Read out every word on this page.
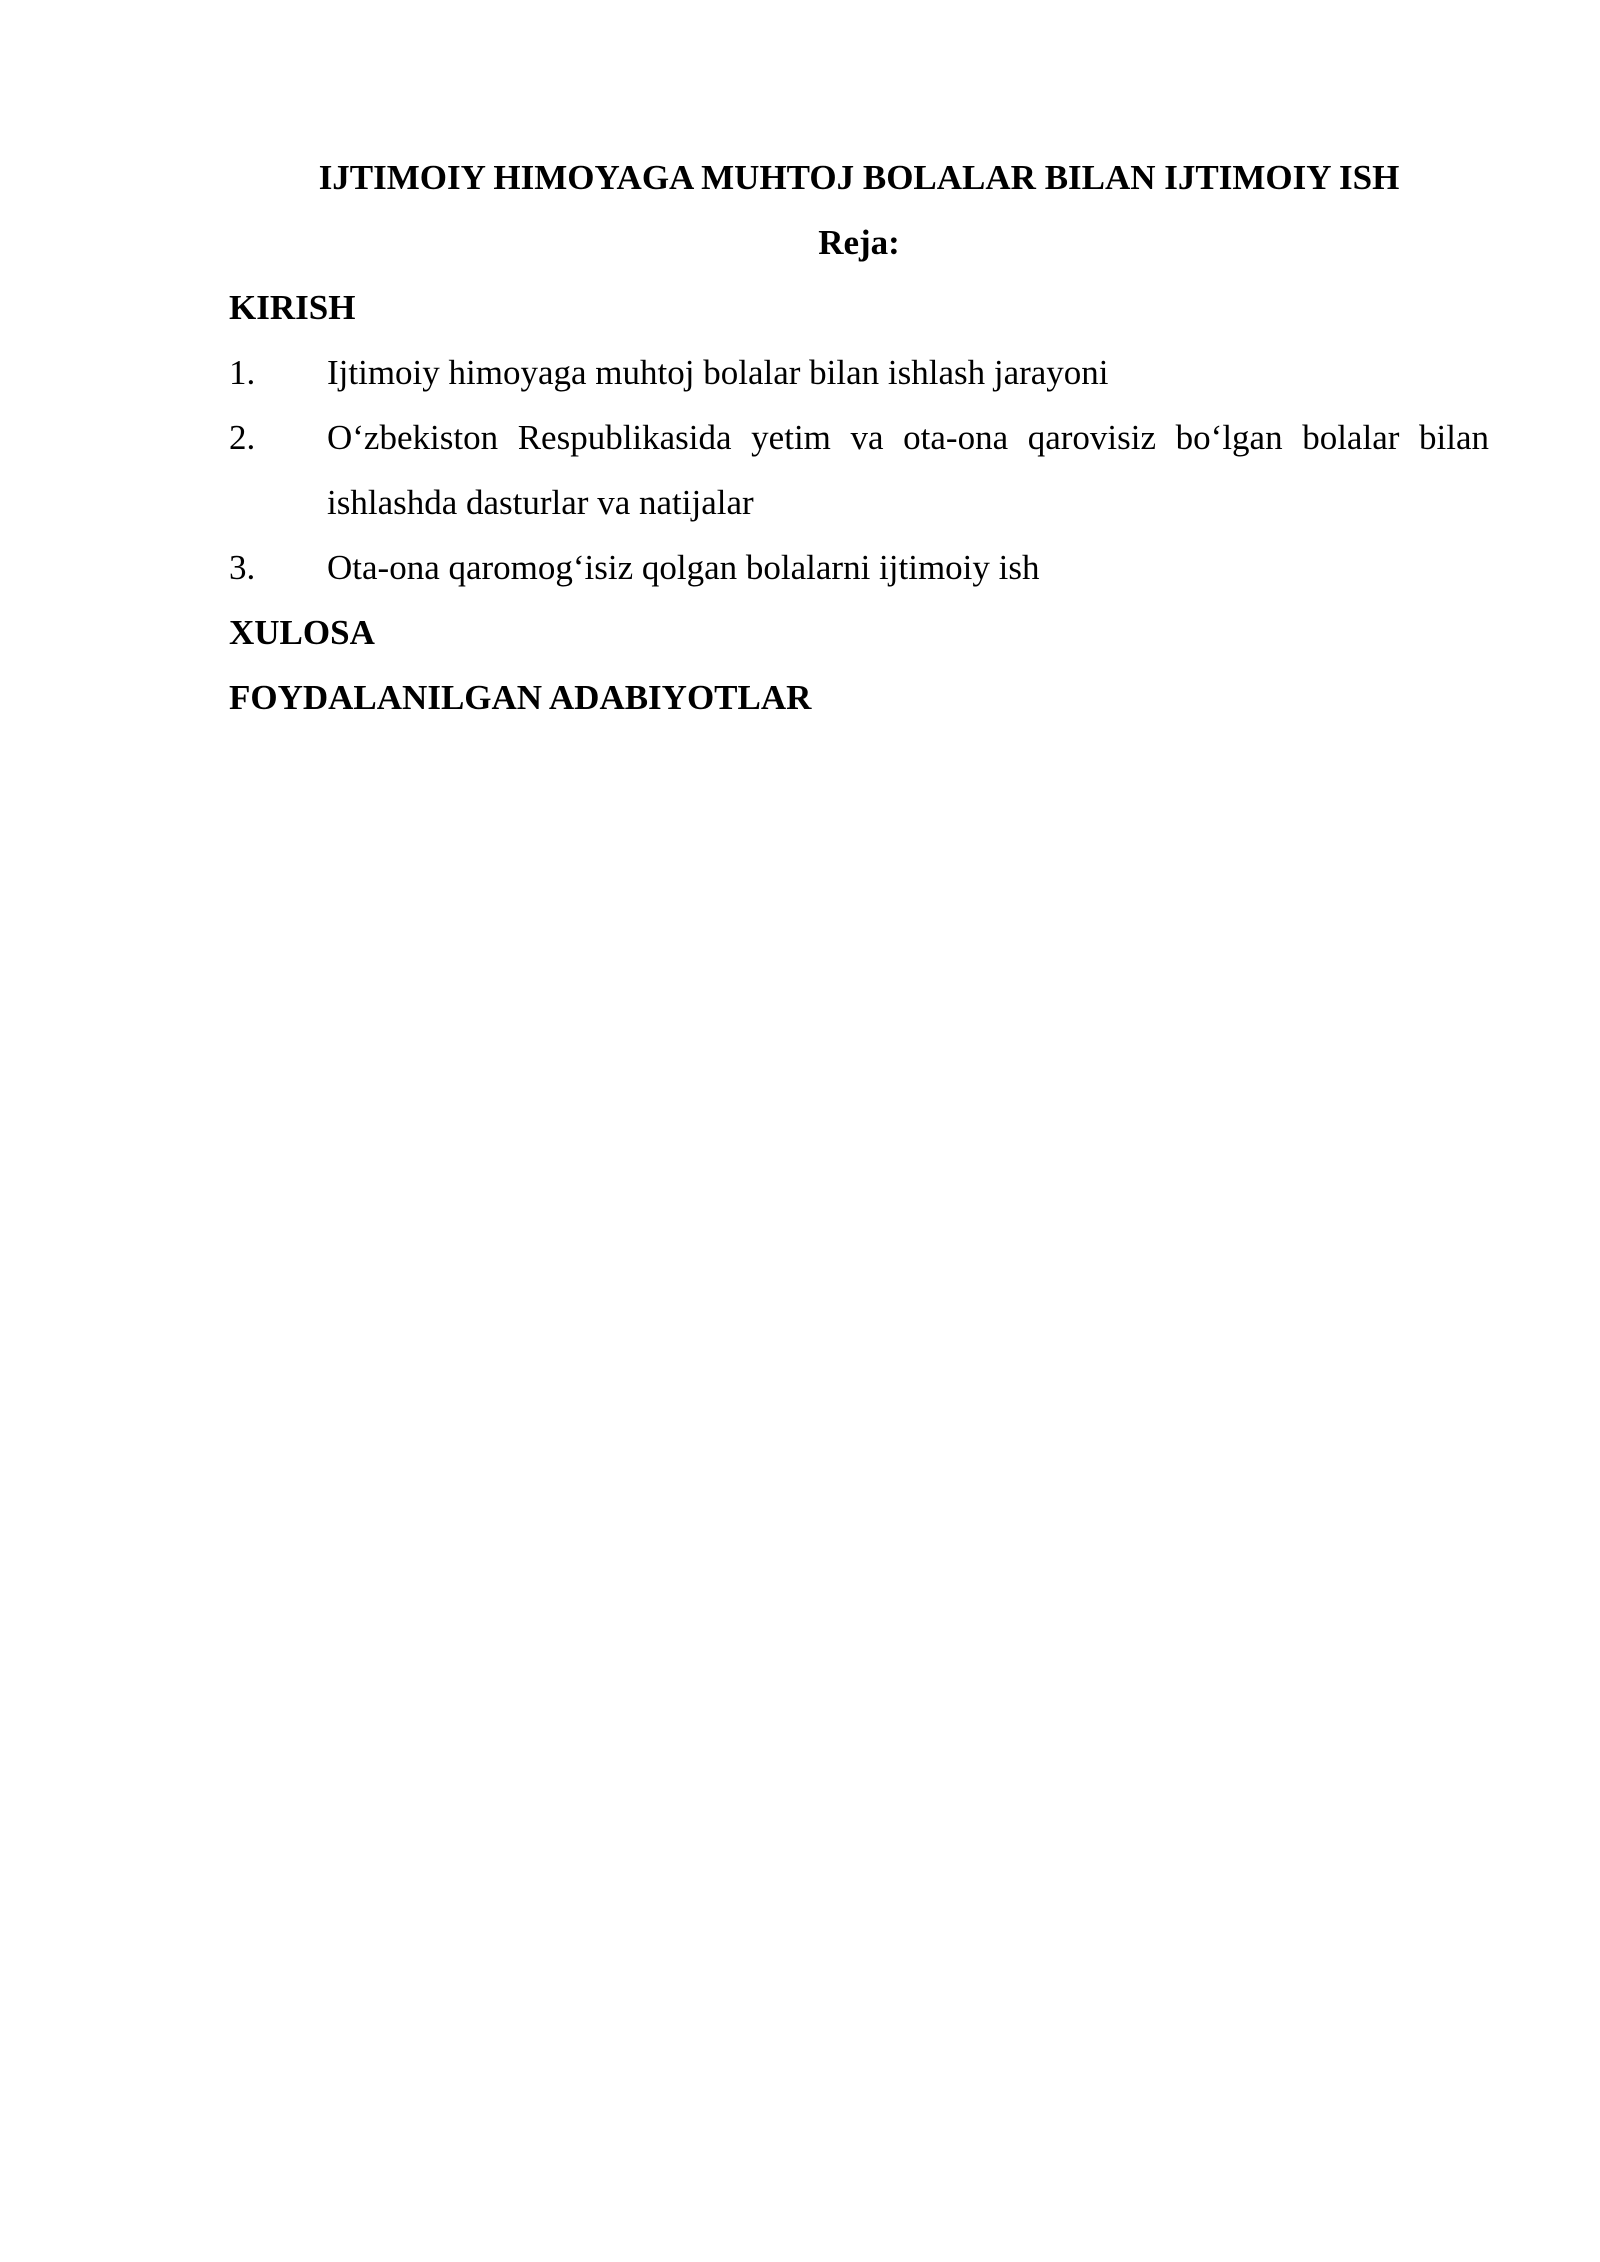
IJTIMOIY HIMOYAGA MUHTOJ BOLALAR BILAN IJTIMOIY ISH

Reja:

KIRISH

1.	Ijtimoiy himoyaga muhtoj bolalar bilan ishlash jarayoni
2.	O‘zbekiston Respublikasida yetim va ota-ona qarovisiz bo‘lgan bolalar bilan ishlashda dasturlar va natijalar
3.	Ota-ona qaromog‘isiz qolgan bolalarni ijtimoiy ish

XULOSA

FOYDALANILGAN ADABIYOTLAR
